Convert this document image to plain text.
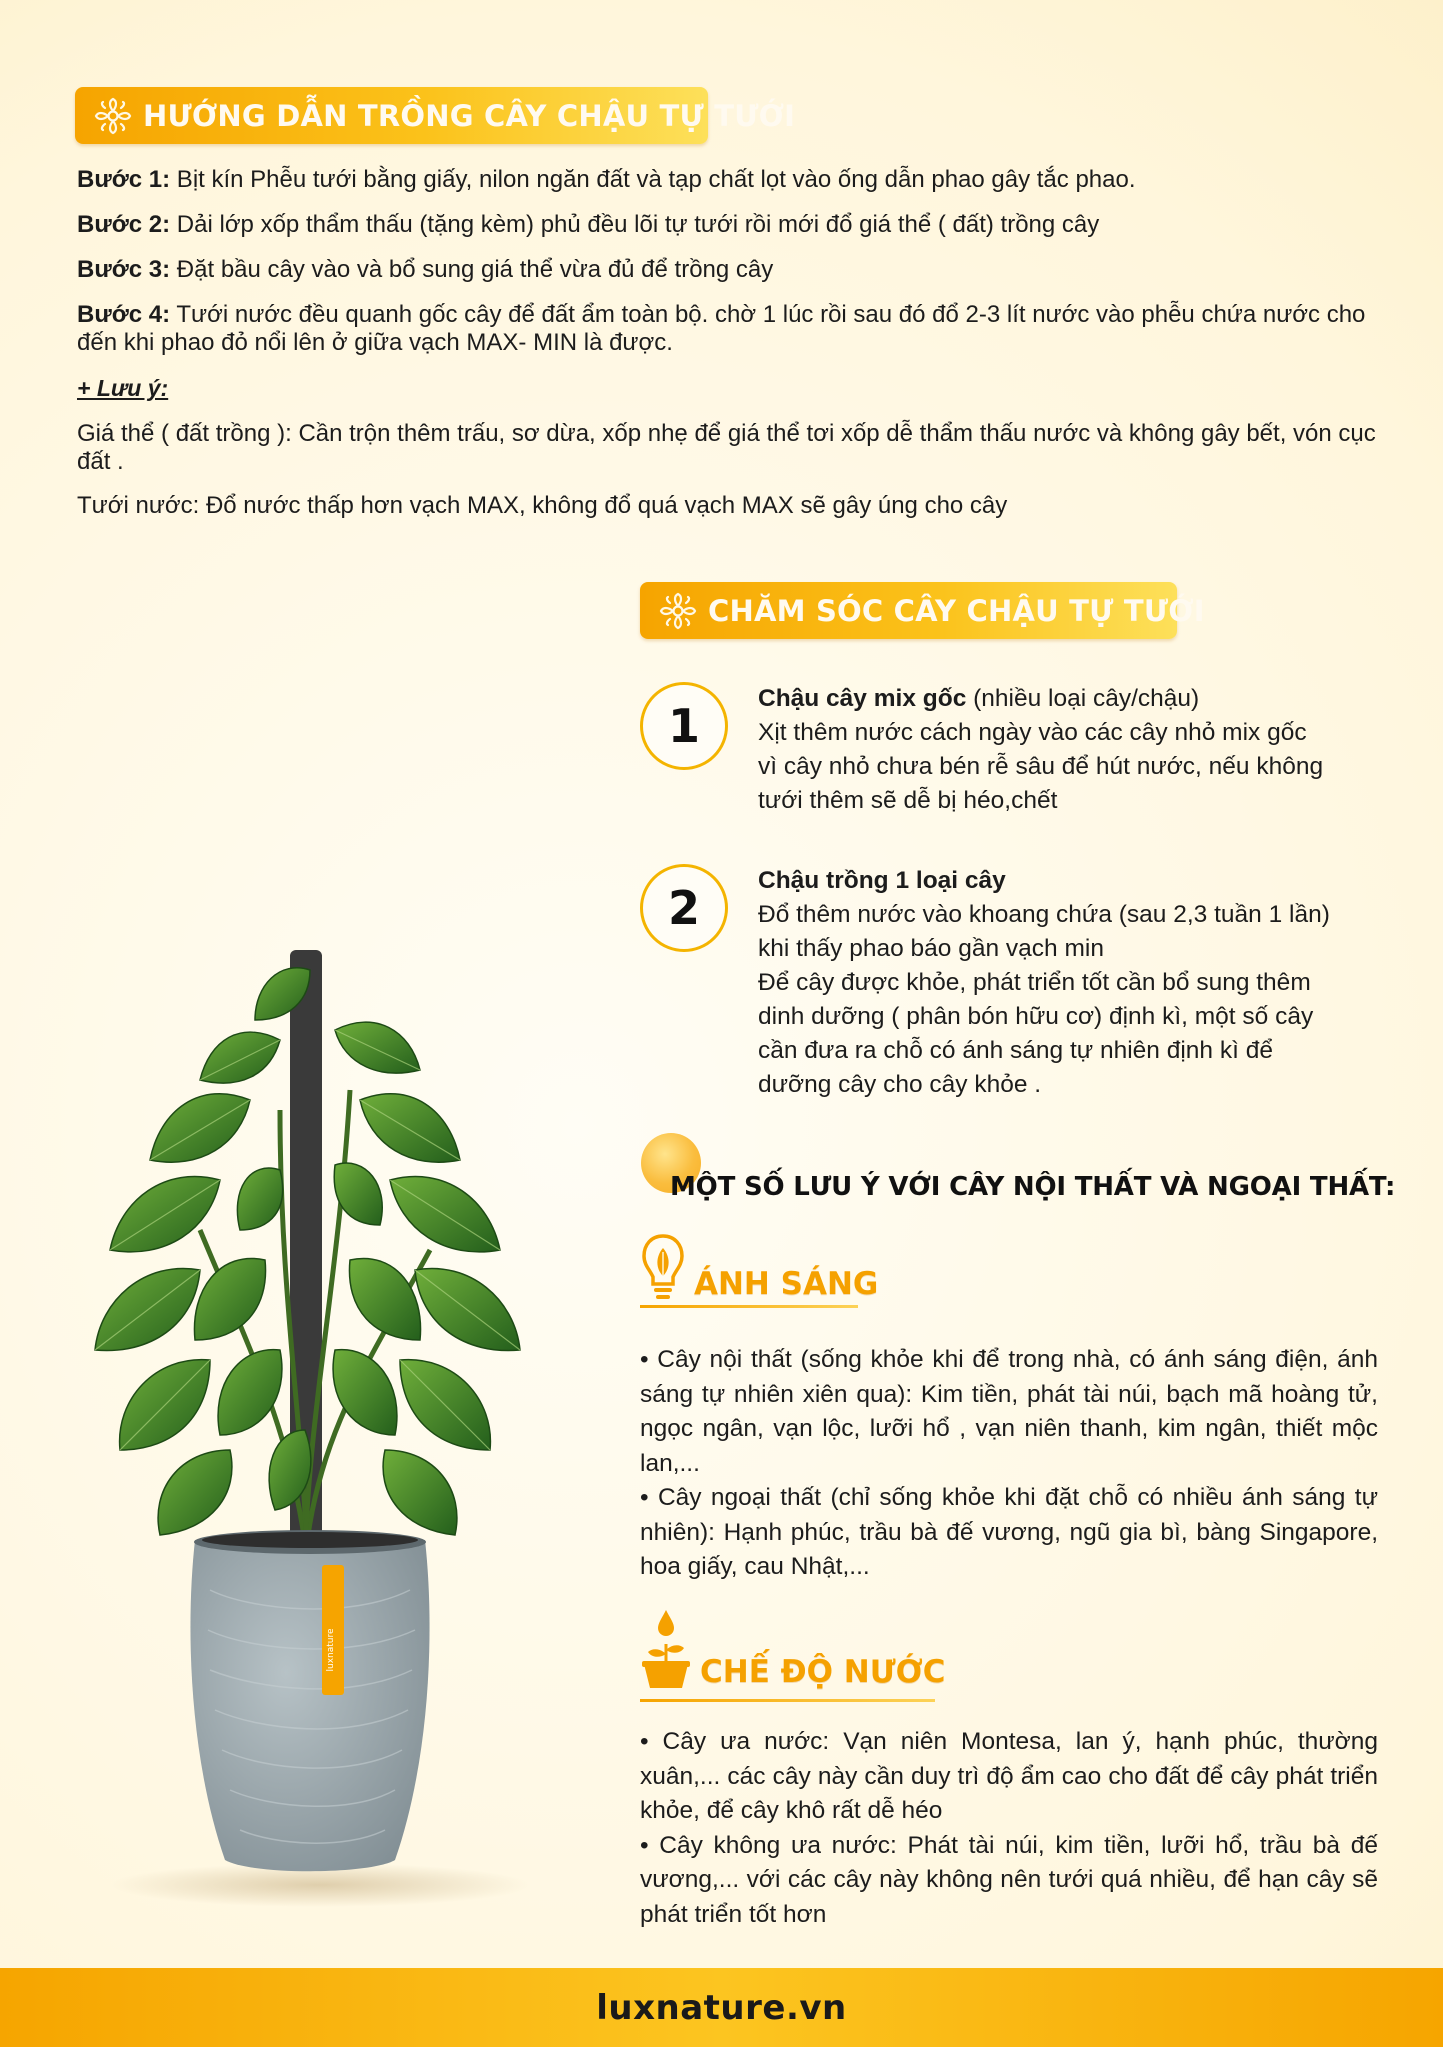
HƯỚNG DẪN TRỒNG CÂY CHẬU TỰ TƯỚI

Bước 1: Bịt kín Phễu tưới bằng giấy, nilon ngăn đất và tạp chất lọt vào ống dẫn phao gây tắc phao.

Bước 2: Dải lớp xốp thẩm thấu (tặng kèm) phủ đều lõi tự tưới rồi mới đổ giá thể ( đất) trồng cây

Bước 3: Đặt bầu cây vào và bổ sung giá thể vừa đủ để trồng cây

Bước 4: Tưới nước đều quanh gốc cây để đất ẩm toàn bộ. chờ 1 lúc rồi sau đó đổ 2-3 lít nước vào phễu chứa nước cho đến khi phao đỏ nổi lên ở giữa vạch MAX- MIN là được.

+ Lưu ý:

Giá thể ( đất trồng ): Cần trộn thêm trấu, sơ dừa, xốp nhẹ để giá thể tơi xốp dễ thẩm thấu nước và không gây bết, vón cục đất .

Tưới nước: Đổ nước thấp hơn vạch MAX, không đổ quá vạch MAX sẽ gây úng cho cây

luxnature
CHĂM SÓC CÂY CHẬU TỰ TƯỚI
1
Chậu cây mix gốc (nhiều loại cây/chậu)
Xịt thêm nước cách ngày vào các cây nhỏ mix gốc
vì cây nhỏ chưa bén rễ sâu để hút nước, nếu không
tưới thêm sẽ dễ bị héo,chết
2
Chậu trồng 1 loại cây
Đổ thêm nước vào khoang chứa (sau 2,3 tuần 1 lần)
khi thấy phao báo gần vạch min
Để cây được khỏe, phát triển tốt cần bổ sung thêm
dinh dưỡng ( phân bón hữu cơ) định kì, một số cây
cần đưa ra chỗ có ánh sáng tự nhiên định kì để
dưỡng cây cho cây khỏe .
MỘT SỐ LƯU Ý VỚI CÂY NỘI THẤT VÀ NGOẠI THẤT:
ÁNH SÁNG
• Cây nội thất (sống khỏe khi để trong nhà, có ánh sáng điện, ánh sáng tự nhiên xiên qua): Kim tiền, phát tài núi, bạch mã hoàng tử, ngọc ngân, vạn lộc, lưỡi hổ , vạn niên thanh, kim ngân, thiết mộc lan,...
• Cây ngoại thất (chỉ sống khỏe khi đặt chỗ có nhiều ánh sáng tự nhiên): Hạnh phúc, trầu bà đế vương, ngũ gia bì, bàng Singapore, hoa giấy, cau Nhật,...
CHẾ ĐỘ NƯỚC
• Cây ưa nước: Vạn niên Montesa, lan ý, hạnh phúc, thường xuân,... các cây này cần duy trì độ ẩm cao cho đất để cây phát triển khỏe, để cây khô rất dễ héo
• Cây không ưa nước: Phát tài núi, kim tiền, lưỡi hổ, trầu bà đế vương,... với các cây này không nên tưới quá nhiều, để hạn cây sẽ phát triển tốt hơn
luxnature.vn
